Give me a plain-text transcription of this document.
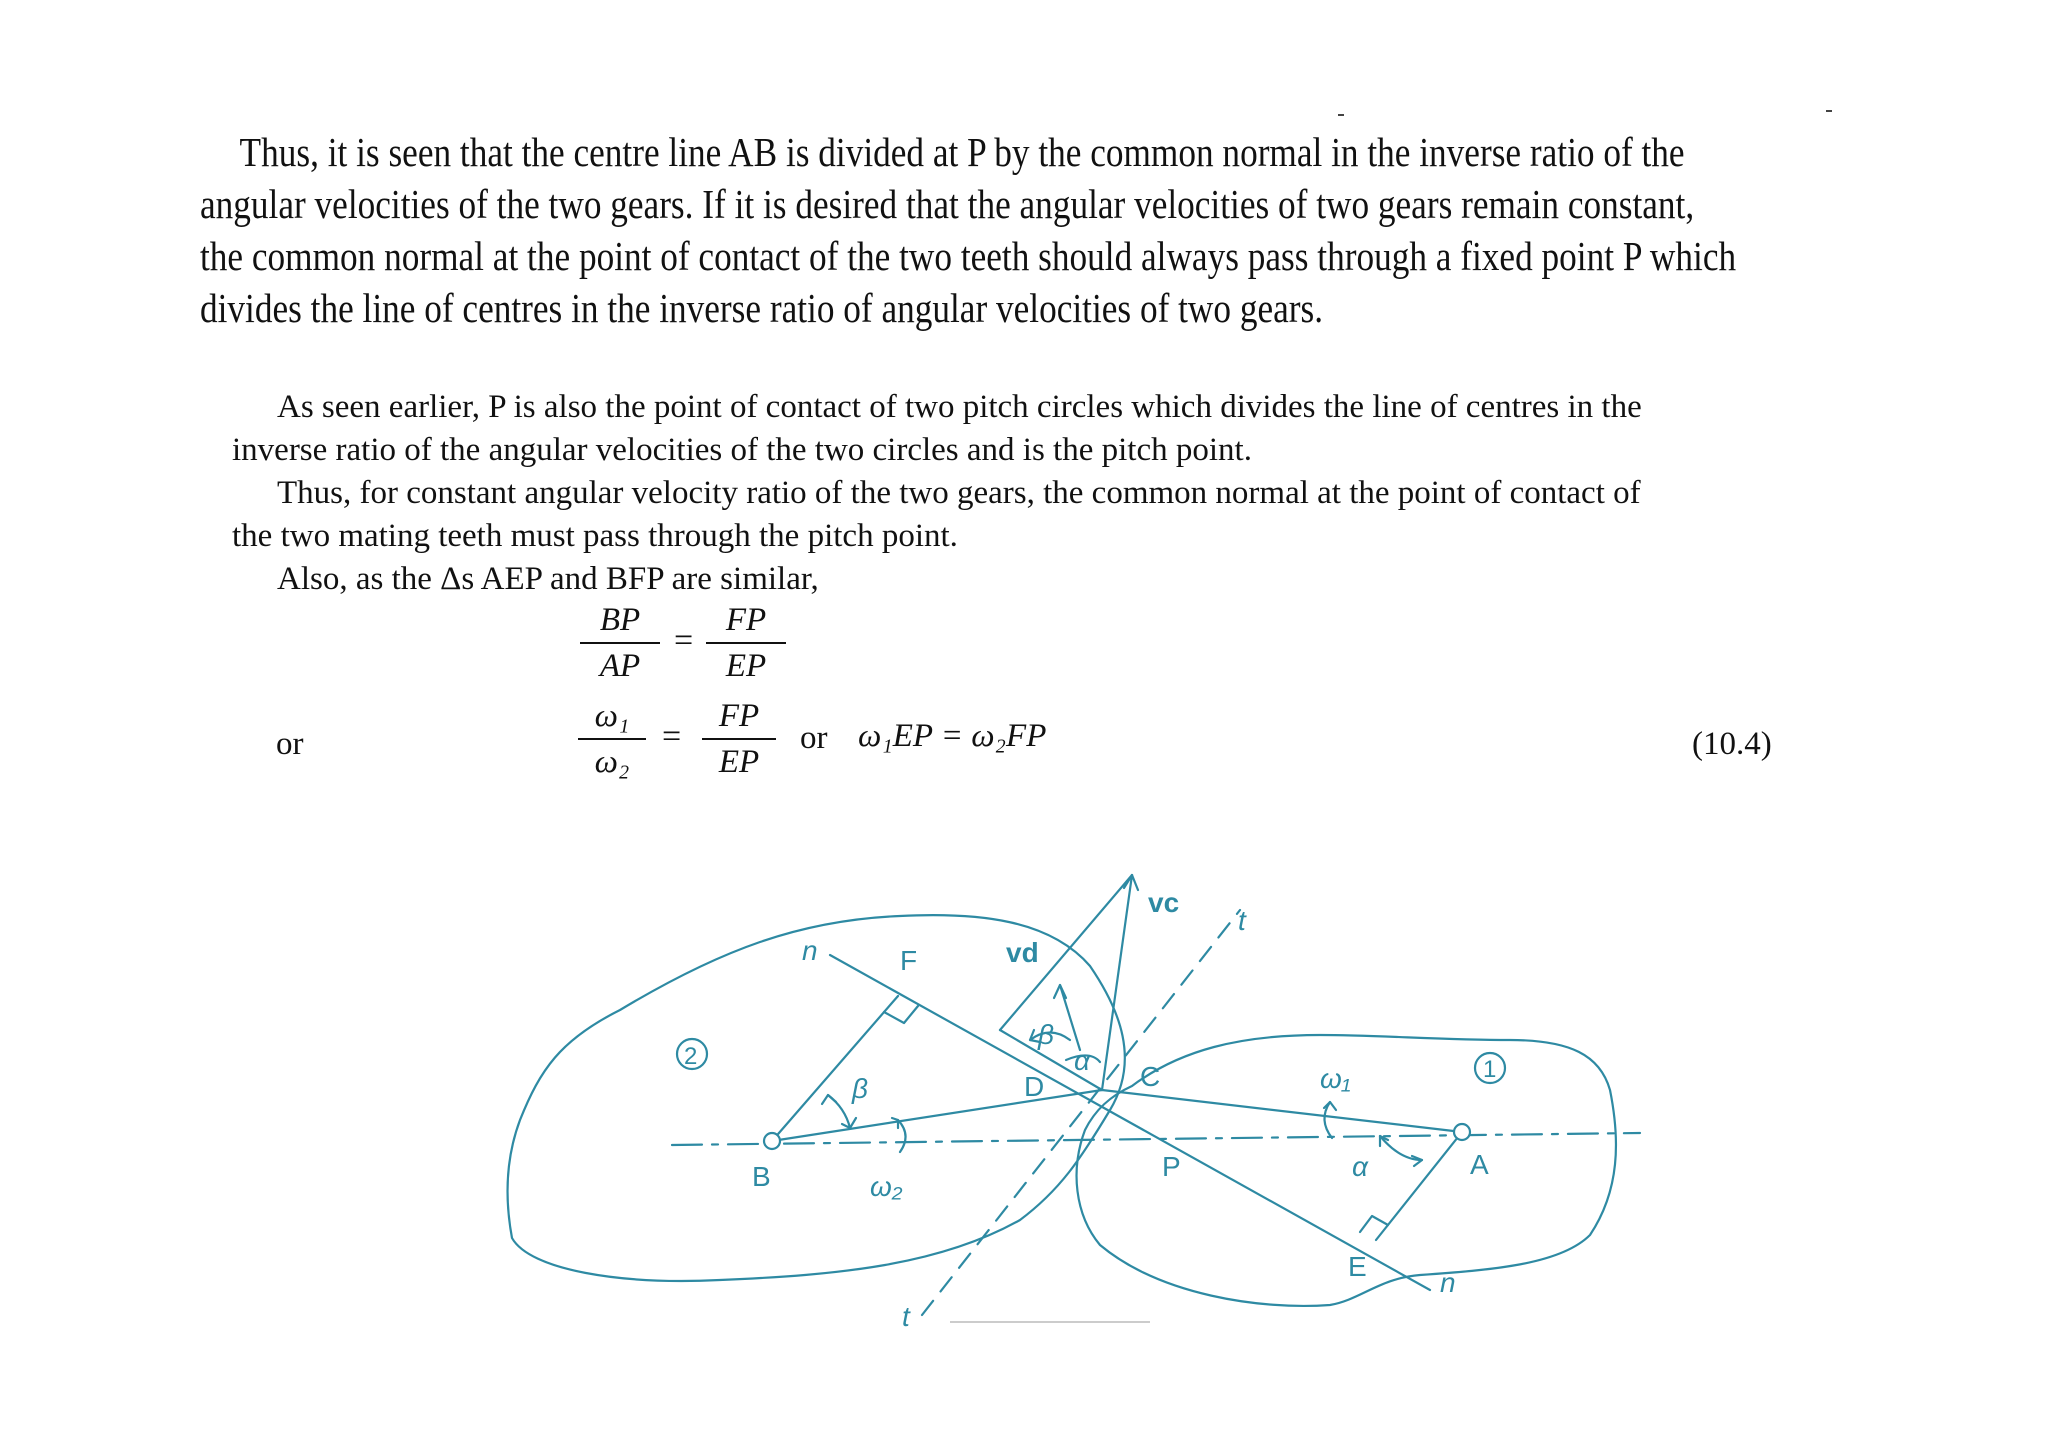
Thus, it is seen that the centre line AB is divided at P by the common normal in the inverse ratio of the
angular velocities of the two gears. If it is desired that the angular velocities of two gears remain constant,
the common normal at the point of contact of the two teeth should always pass through a fixed point P which
divides the line of centres in the inverse ratio of angular velocities of two gears.
As seen earlier, P is also the point of contact of two pitch circles which divides the line of centres in the
inverse ratio of the angular velocities of the two circles and is the pitch point.
Thus, for constant angular velocity ratio of the two gears, the common normal at the point of contact of
the two mating teeth must pass through the pitch point.
Also, as the Δs AEP and BFP are similar,
BP
AP
=
FP
EP
or
ω₁
ω₂
=
FP
EP
or ω₁EP = ω₂FP	(10.4)
n	F	vd
vc
t
2	1
β
α
D	C	ω₁
β
B	ω₂
P	α	A
E
n
t
